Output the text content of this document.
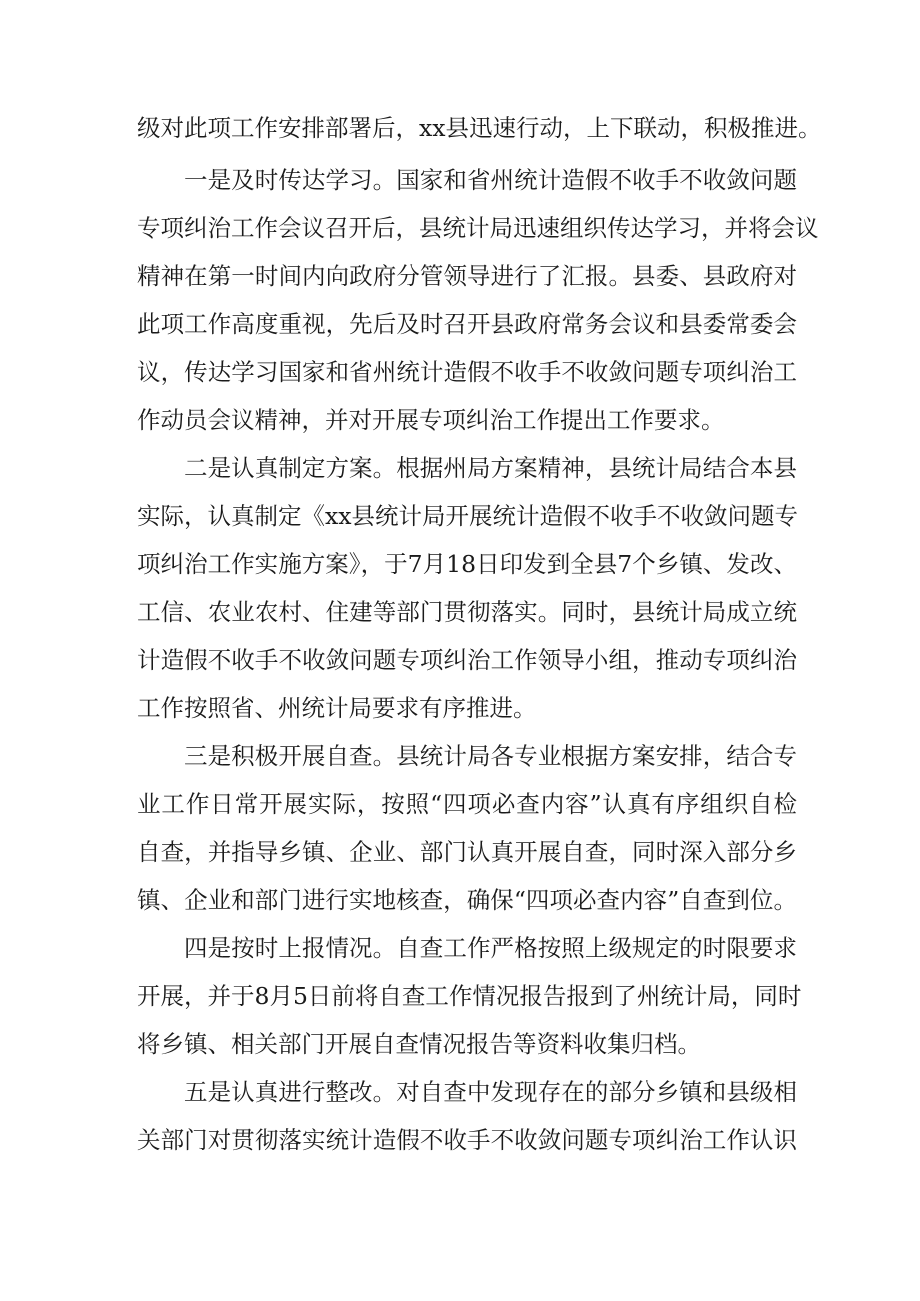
级对此项工作安排部署后，xx县迅速行动，上下联动，积极推进。
一是及时传达学习。国家和省州统计造假不收手不收敛问题
专项纠治工作会议召开后，县统计局迅速组织传达学习，并将会议
精神在第一时间内向政府分管领导进行了汇报。县委、县政府对
此项工作高度重视，先后及时召开县政府常务会议和县委常委会
议，传达学习国家和省州统计造假不收手不收敛问题专项纠治工
作动员会议精神，并对开展专项纠治工作提出工作要求。
二是认真制定方案。根据州局方案精神，县统计局结合本县
实际，认真制定《xx县统计局开展统计造假不收手不收敛问题专
项纠治工作实施方案》，于7月18日印发到全县7个乡镇、发改、
工信、农业农村、住建等部门贯彻落实。同时，县统计局成立统
计造假不收手不收敛问题专项纠治工作领导小组，推动专项纠治
工作按照省、州统计局要求有序推进。
三是积极开展自查。县统计局各专业根据方案安排，结合专
业工作日常开展实际，按照“四项必查内容”认真有序组织自检
自查，并指导乡镇、企业、部门认真开展自查，同时深入部分乡
镇、企业和部门进行实地核查，确保“四项必查内容”自查到位。
四是按时上报情况。自查工作严格按照上级规定的时限要求
开展，并于8月5日前将自查工作情况报告报到了州统计局，同时
将乡镇、相关部门开展自查情况报告等资料收集归档。
五是认真进行整改。对自查中发现存在的部分乡镇和县级相
关部门对贯彻落实统计造假不收手不收敛问题专项纠治工作认识
